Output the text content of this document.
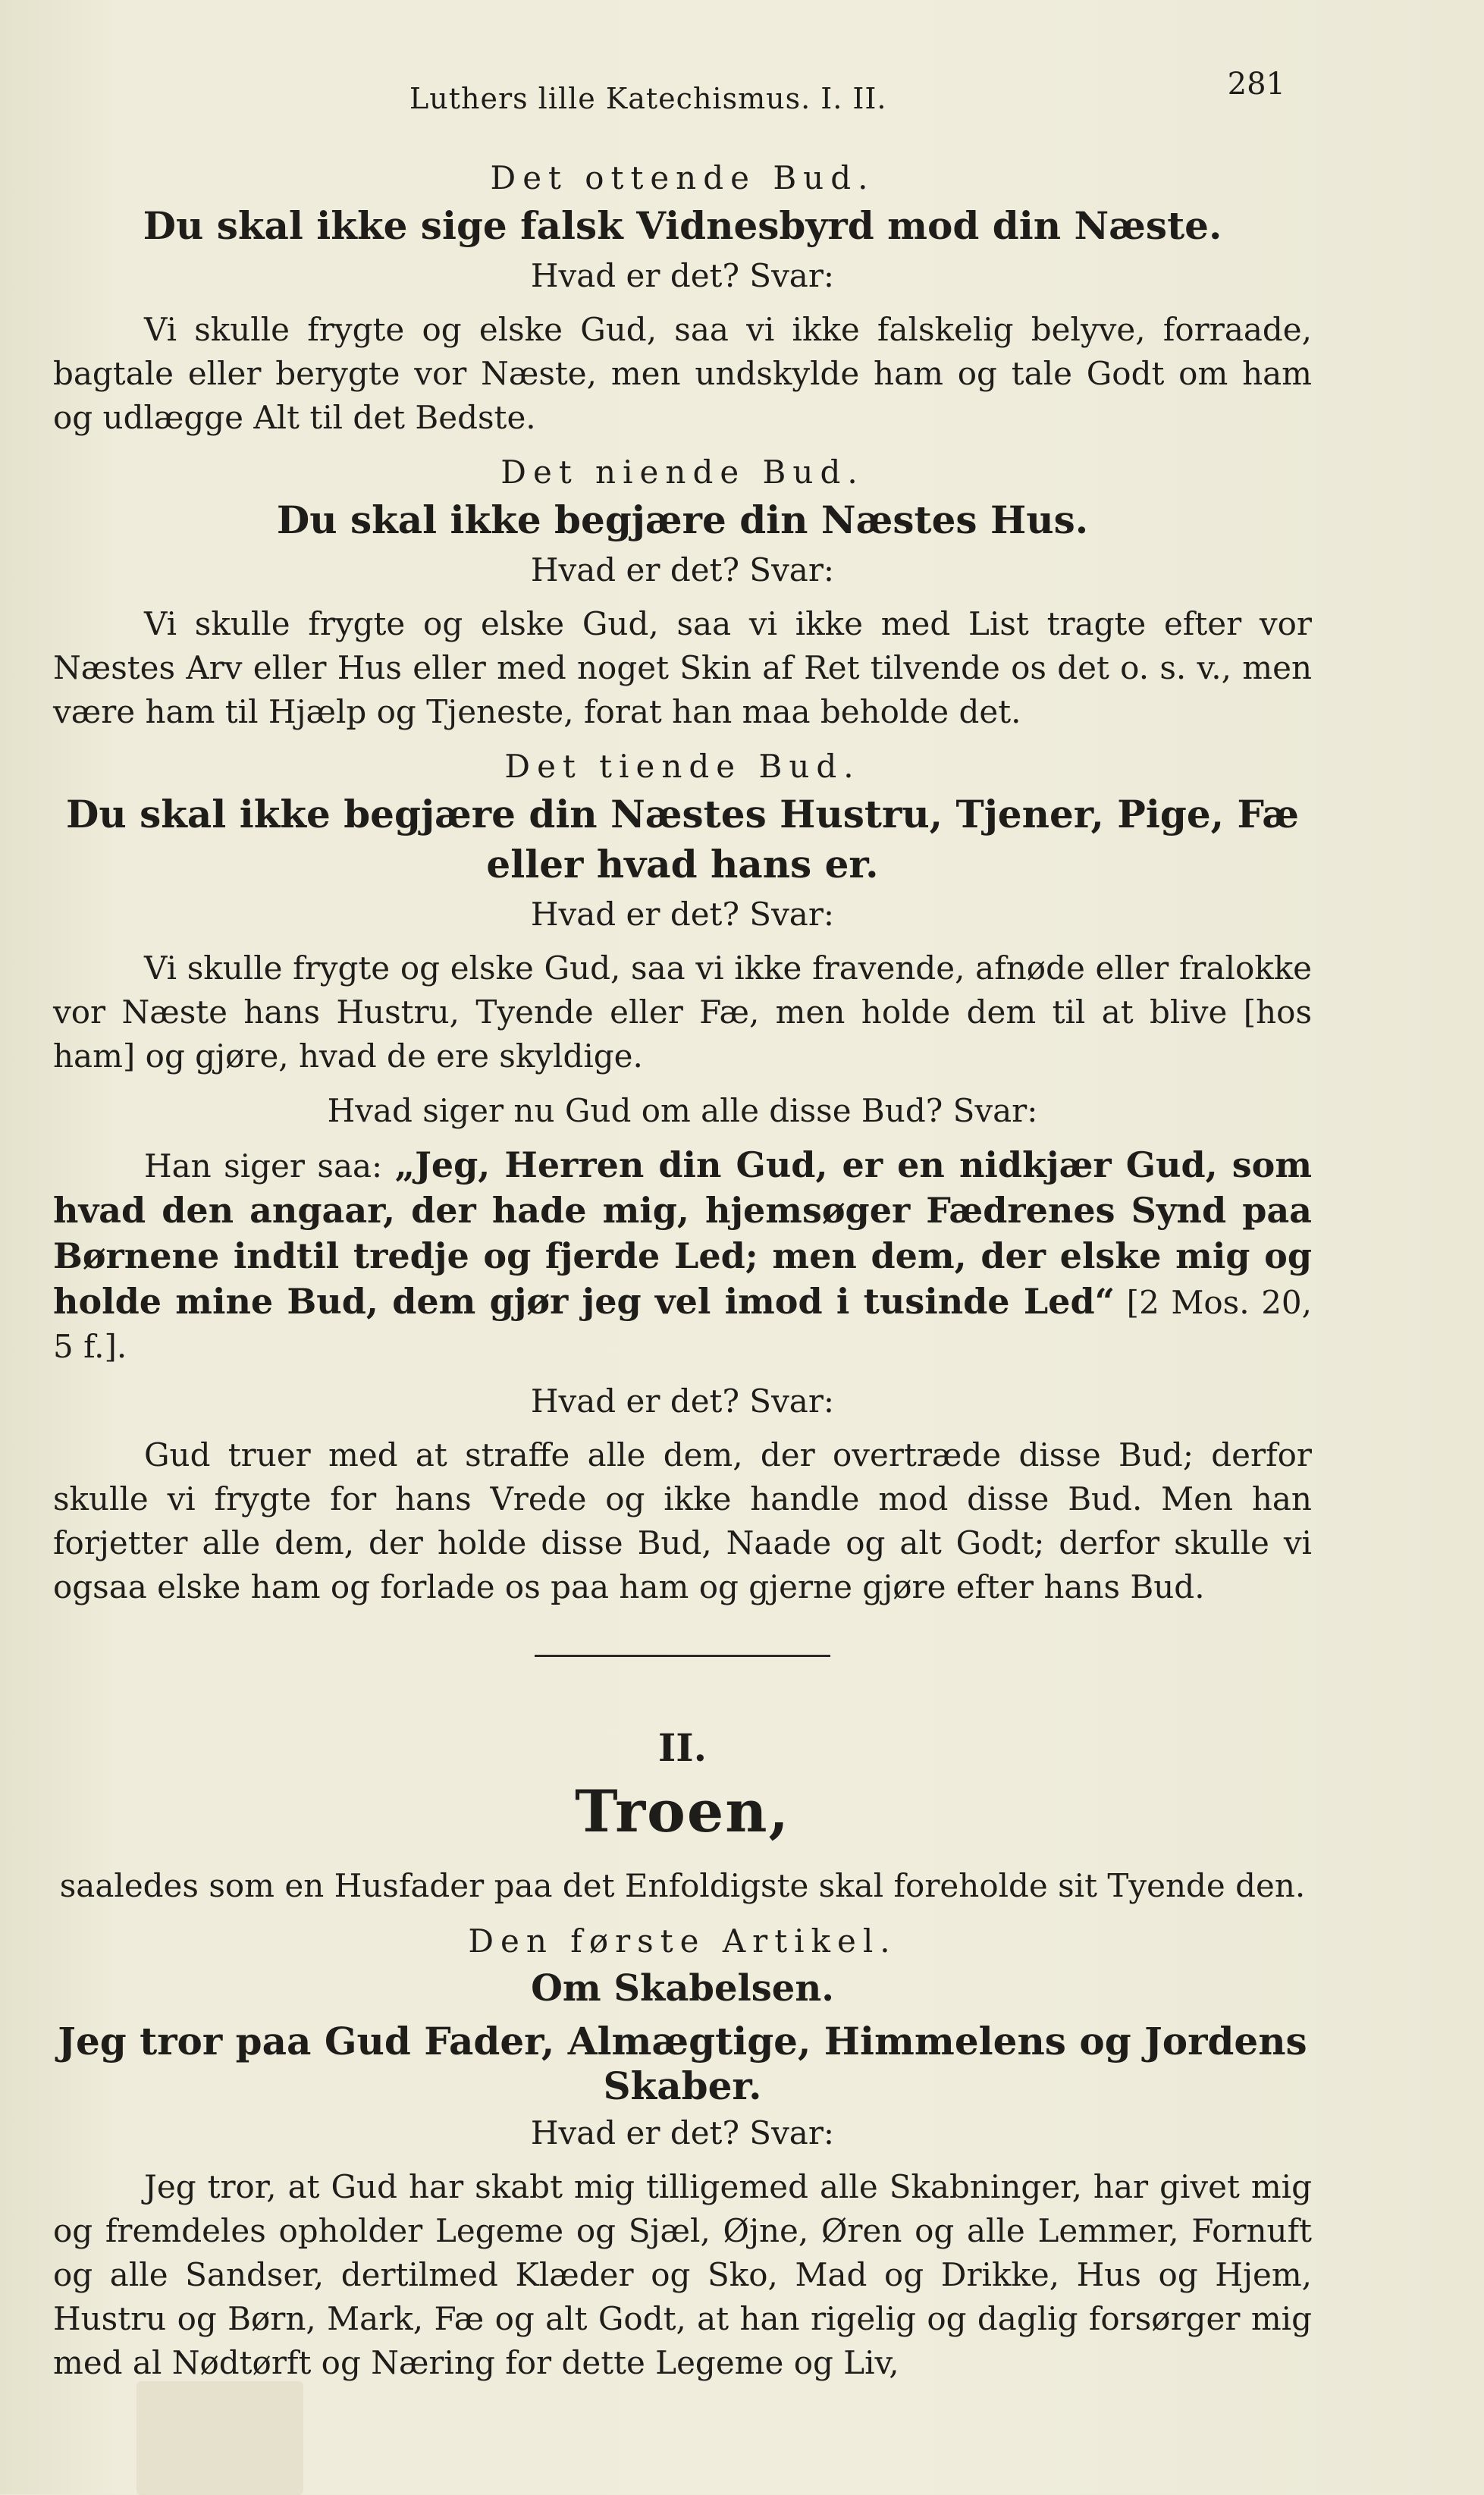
Luthers lille Katechismus. I. II.	281
Det ottende Bud.
Du skal ikke sige falsk Vidnesbyrd mod din Næste.
Hvad er det? Svar:

Vi skulle frygte og elske Gud, saa vi ikke falskelig belyve, forraade, bagtale eller berygte vor Næste, men undskylde ham og tale Godt om ham og udlægge Alt til det Bedste.

Det niende Bud.
Du skal ikke begjære din Næstes Hus.
Hvad er det? Svar:

Vi skulle frygte og elske Gud, saa vi ikke med List tragte efter vor Næstes Arv eller Hus eller med noget Skin af Ret tilvende os det o. s. v., men være ham til Hjælp og Tjeneste, forat han maa beholde det.

Det tiende Bud.
Du skal ikke begjære din Næstes Hustru, Tjener, Pige, Fæ eller hvad hans er.
Hvad er det? Svar:

Vi skulle frygte og elske Gud, saa vi ikke fravende, afnøde eller fralokke vor Næste hans Hustru, Tyende eller Fæ, men holde dem til at blive [hos ham] og gjøre, hvad de ere skyldige.

Hvad siger nu Gud om alle disse Bud? Svar:

Han siger saa: „Jeg, Herren din Gud, er en nidkjær Gud, som hvad den angaar, der hade mig, hjemsøger Fædrenes Synd paa Børnene indtil tredje og fjerde Led; men dem, der elske mig og holde mine Bud, dem gjør jeg vel imod i tusinde Led“ [2 Mos. 20, 5 f.].

Hvad er det? Svar:

Gud truer med at straffe alle dem, der overtræde disse Bud; derfor skulle vi frygte for hans Vrede og ikke handle mod disse Bud. Men han forjetter alle dem, der holde disse Bud, Naade og alt Godt; derfor skulle vi ogsaa elske ham og forlade os paa ham og gjerne gjøre efter hans Bud.

II.
Troen,
saaledes som en Husfader paa det Enfoldigste skal foreholde sit Tyende den.
Den første Artikel.
Om Skabelsen.
Jeg tror paa Gud Fader, Almægtige, Himmelens og Jordens Skaber.
Hvad er det? Svar:

Jeg tror, at Gud har skabt mig tilligemed alle Skabninger, har givet mig og fremdeles opholder Legeme og Sjæl, Øjne, Øren og alle Lemmer, Fornuft og alle Sandser, dertilmed Klæder og Sko, Mad og Drikke, Hus og Hjem, Hustru og Børn, Mark, Fæ og alt Godt, at han rigelig og daglig forsørger mig med al Nødtørft og Næring for dette Legeme og Liv,
